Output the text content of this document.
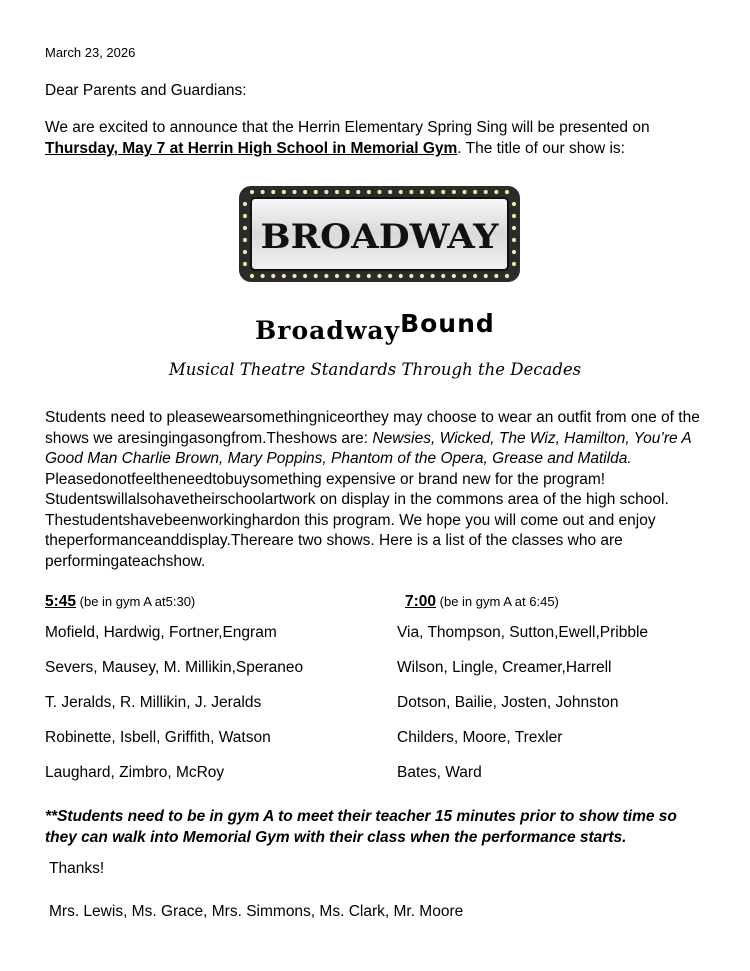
March 23, 2026
Dear Parents and Guardians:
We are excited to announce that the Herrin Elementary Spring Sing will be presented on Thursday, May 7 at Herrin High School in Memorial Gym. The title of our show is:
BROADWAY
BroadwayBound
Musical Theatre Standards Through the Decades
Students need to pleasewearsomethingniceorthey may choose to wear an outfit from one of the shows we aresingingasongfrom.Theshows are: Newsies, Wicked, The Wiz, Hamilton, You’re A Good Man Charlie Brown, Mary Poppins, Phantom of the Opera, Grease and Matilda. Pleasedonotfeeltheneedtobuysomething expensive or brand new for the program! Studentswillalsohavetheirschoolartwork on display in the commons area of the high school. Thestudentshavebeenworkinghardon this program. We hope you will come out and enjoy theperformanceanddisplay.Thereare two shows. Here is a list of the classes who are performingateachshow.
5:45 (be in gym A at5:30)
Mofield, Hardwig, Fortner,Engram
Severs, Mausey, M. Millikin,Speraneo
T. Jeralds, R. Millikin, J. Jeralds
Robinette, Isbell, Griffith, Watson
Laughard, Zimbro, McRoy
7:00 (be in gym A at 6:45)
Via, Thompson, Sutton,Ewell,Pribble
Wilson, Lingle, Creamer,Harrell
Dotson, Bailie, Josten, Johnston
Childers, Moore, Trexler
Bates, Ward
**Students need to be in gym A to meet their teacher 15 minutes prior to show time so they can walk into Memorial Gym with their class when the performance starts.
Thanks!
Mrs. Lewis, Ms. Grace, Mrs. Simmons, Ms. Clark, Mr. Moore
